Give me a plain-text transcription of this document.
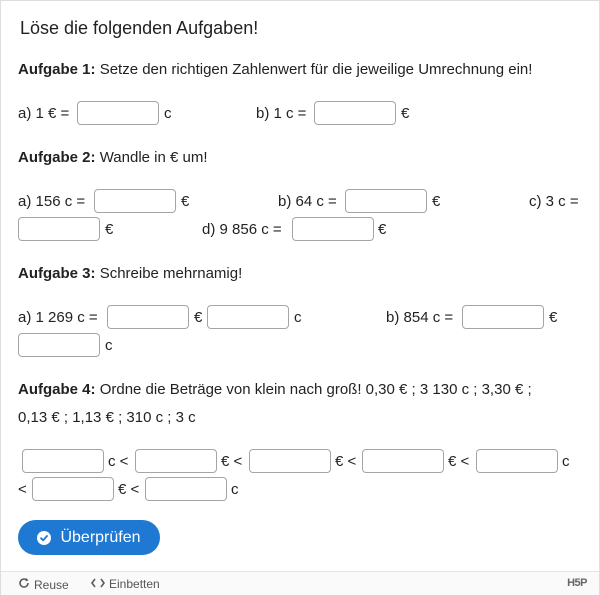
Löse die folgenden Aufgaben!
Aufgabe 1: Setze den richtigen Zahlenwert für die jeweilige Umrechnung ein!
a) 1 € =	c	b) 1 c =	€
Aufgabe 2: Wandle in € um!
a) 156 c =	€	b) 64 c =	€	c) 3 c =
€	d) 9 856 c =	€
Aufgabe 3: Schreibe mehrnamig!
a) 1 269 c =	€	c	b) 854 c =	€
c
Aufgabe 4: Ordne die Beträge von klein nach groß! 0,30 € ; 3 130 c ; 3,30 € ;
0,13 € ; 1,13 € ; 310 c ; 3 c
c <	€ <	€ <	€ <	c
<	€ <	c
Überprüfen
Reuse	Einbetten	H5P
